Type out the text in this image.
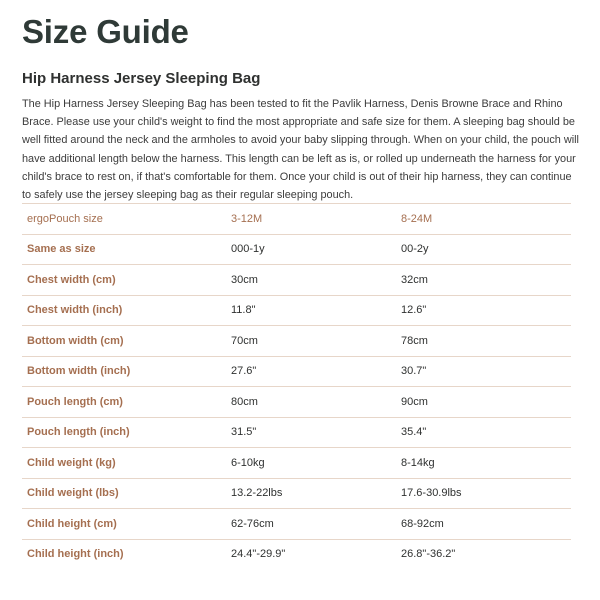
Size Guide
Hip Harness Jersey Sleeping Bag

The Hip Harness Jersey Sleeping Bag has been tested to fit the Pavlik Harness, Denis Browne Brace and Rhino Brace. Please use your child's weight to find the most appropriate and safe size for them. A sleeping bag should be well fitted around the neck and the armholes to avoid your baby slipping through. When on your child, the pouch will have additional length below the harness. This length can be left as is, or rolled up underneath the harness for your child's brace to rest on, if that's comfortable for them. Once your child is out of their hip harness, they can continue to safely use the jersey sleeping bag as their regular sleeping pouch.

ergoPouch size	3-12M	8-24M
Same as size	000-1y	00-2y
Chest width (cm)	30cm	32cm
Chest width (inch)	11.8"	12.6"
Bottom width (cm)	70cm	78cm
Bottom width (inch)	27.6"	30.7"
Pouch length (cm)	80cm	90cm
Pouch length (inch)	31.5"	35.4"
Child weight (kg)	6-10kg	8-14kg
Child weight (lbs)	13.2-22lbs	17.6-30.9lbs
Child height (cm)	62-76cm	68-92cm
Child height (inch)	24.4"-29.9"	26.8"-36.2"
